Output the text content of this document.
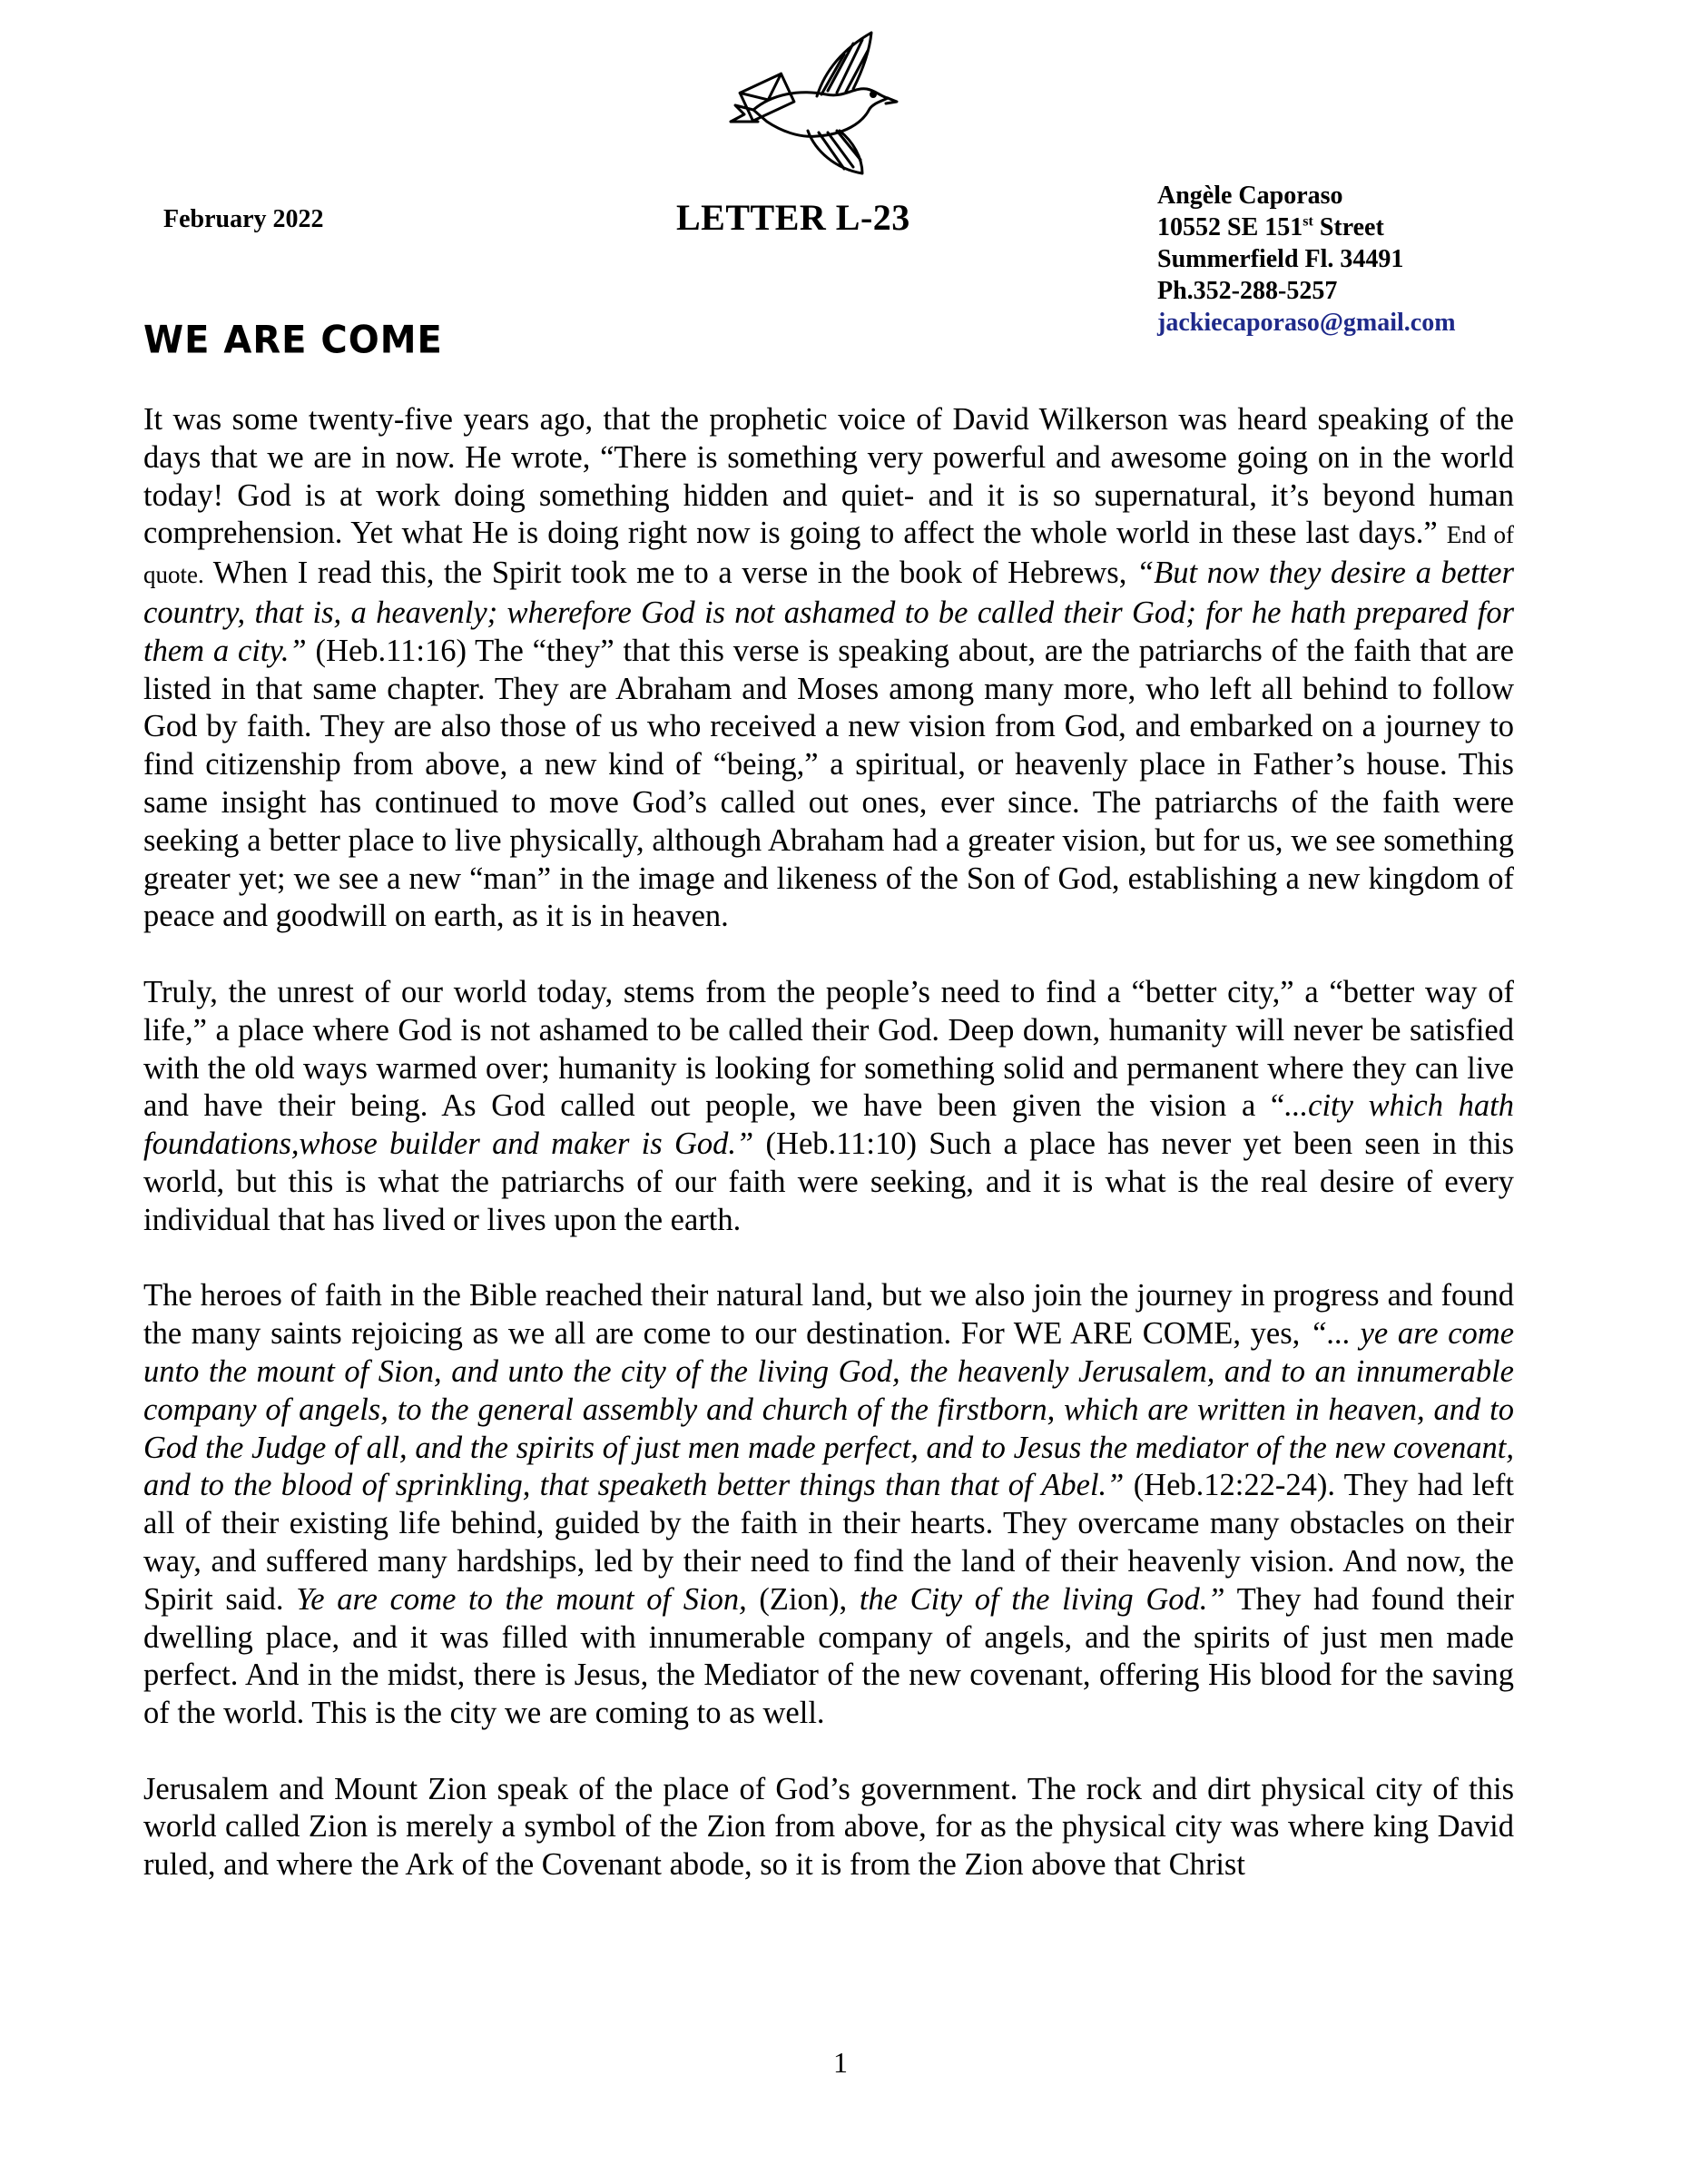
February 2022	LETTER L-23
Angèle Caporaso
10552 SE 151st Street
Summerfield Fl. 34491
Ph.352-288-5257
jackiecaporaso@gmail.com
WE ARE COME

It was some twenty-five years ago, that the prophetic voice of David Wilkerson was heard speaking of the days that we are in now. He wrote, “There is something very powerful and awesome going on in the world today! God is at work doing something hidden and quiet- and it is so supernatural, it’s beyond human comprehension. Yet what He is doing right now is going to affect the whole world in these last days.” End of quote. When I read this, the Spirit took me to a verse in the book of Hebrews, “But now they desire a better country, that is, a heavenly; wherefore God is not ashamed to be called their God; for he hath prepared for them a city.” (Heb.11:16) The “they” that this verse is speaking about, are the patriarchs of the faith that are listed in that same chapter. They are Abraham and Moses among many more, who left all behind to follow God by faith. They are also those of us who received a new vision from God, and embarked on a journey to find citizenship from above, a new kind of “being,” a spiritual, or heavenly place in Father’s house. This same insight has continued to move God’s called out ones, ever since. The patriarchs of the faith were seeking a better place to live physically, although Abraham had a greater vision, but for us, we see something greater yet; we see a new “man” in the image and likeness of the Son of God, establishing a new kingdom of peace and goodwill on earth, as it is in heaven.

Truly, the unrest of our world today, stems from the people’s need to find a “better city,” a “better way of life,” a place where God is not ashamed to be called their God. Deep down, humanity will never be satisfied with the old ways warmed over; humanity is looking for something solid and permanent where they can live and have their being. As God called out people, we have been given the vision a “...city which hath foundations,whose builder and maker is God.” (Heb.11:10) Such a place has never yet been seen in this world, but this is what the patriarchs of our faith were seeking, and it is what is the real desire of every individual that has lived or lives upon the earth.

The heroes of faith in the Bible reached their natural land, but we also join the journey in progress and found the many saints rejoicing as we all are come to our destination. For WE ARE COME, yes, “... ye are come unto the mount of Sion, and unto the city of the living God, the heavenly Jerusalem, and to an innumerable company of angels, to the general assembly and church of the firstborn, which are written in heaven, and to God the Judge of all, and the spirits of just men made perfect, and to Jesus the mediator of the new covenant, and to the blood of sprinkling, that speaketh better things than that of Abel.” (Heb.12:22-24). They had left all of their existing life behind, guided by the faith in their hearts. They overcame many obstacles on their way, and suffered many hardships, led by their need to find the land of their heavenly vision. And now, the Spirit said. Ye are come to the mount of Sion, (Zion), the City of the living God.” They had found their dwelling place, and it was filled with innumerable company of angels, and the spirits of just men made perfect. And in the midst, there is Jesus, the Mediator of the new covenant, offering His blood for the saving of the world. This is the city we are coming to as well.

Jerusalem and Mount Zion speak of the place of God’s government. The rock and dirt physical city of this world called Zion is merely a symbol of the Zion from above, for as the physical city was where king David ruled, and where the Ark of the Covenant abode, so it is from the Zion above that Christ

1
